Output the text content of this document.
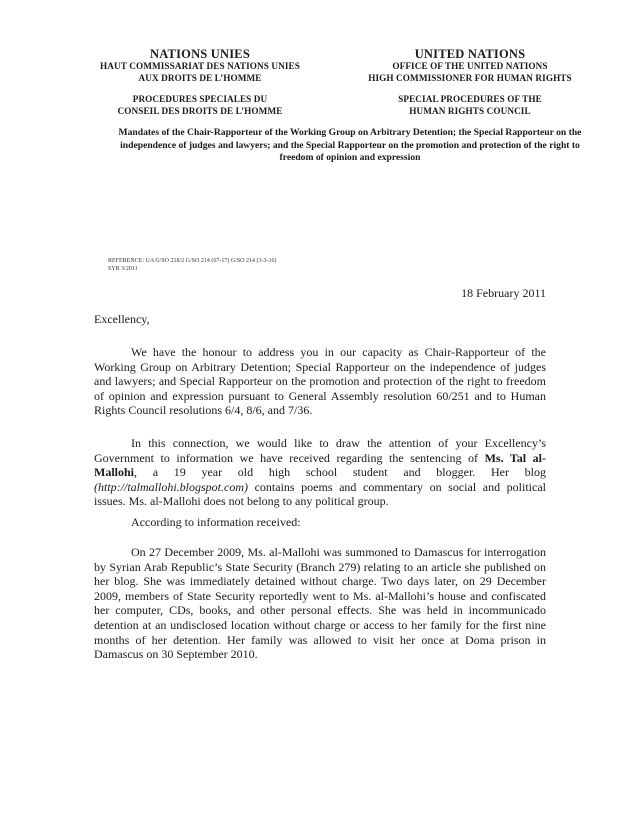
NATIONS UNIES
HAUT COMMISSARIAT DES NATIONS UNIES
AUX DROITS DE L’HOMME
PROCEDURES SPECIALES DU
CONSEIL DES DROITS DE L’HOMME
UNITED NATIONS
OFFICE OF THE UNITED NATIONS
HIGH COMMISSIONER FOR HUMAN RIGHTS
SPECIAL PROCEDURES OF THE
HUMAN RIGHTS COUNCIL
Mandates of the Chair-Rapporteur of the Working Group on Arbitrary Detention; the Special Rapporteur on the independence of judges and lawyers; and the Special Rapporteur on the promotion and protection of the right to freedom of opinion and expression
REFERENCE: UA G/SO 218/2 G/SO 214 (67-17) G/SO 214 (3-3-16)
SYR 3/2011
18 February 2011
Excellency,

We have the honour to address you in our capacity as Chair-Rapporteur of the Working Group on Arbitrary Detention; Special Rapporteur on the independence of judges and lawyers; and Special Rapporteur on the promotion and protection of the right to freedom of opinion and expression pursuant to General Assembly resolution 60/251 and to Human Rights Council resolutions 6/4, 8/6, and 7/36.

In this connection, we would like to draw the attention of your Excellency’s Government to information we have received regarding the sentencing of Ms. Tal al-Mallohi, a 19 year old high school student and blogger. Her blog (http://talmallohi.blogspot.com) contains poems and commentary on social and political issues. Ms. al-Mallohi does not belong to any political group.

According to information received:

On 27 December 2009, Ms. al-Mallohi was summoned to Damascus for interrogation by Syrian Arab Republic’s State Security (Branch 279) relating to an article she published on her blog. She was immediately detained without charge. Two days later, on 29 December 2009, members of State Security reportedly went to Ms. al-Mallohi’s house and confiscated her computer, CDs, books, and other personal effects. She was held in incommunicado detention at an undisclosed location without charge or access to her family for the first nine months of her detention. Her family was allowed to visit her once at Doma prison in Damascus on 30 September 2010.
